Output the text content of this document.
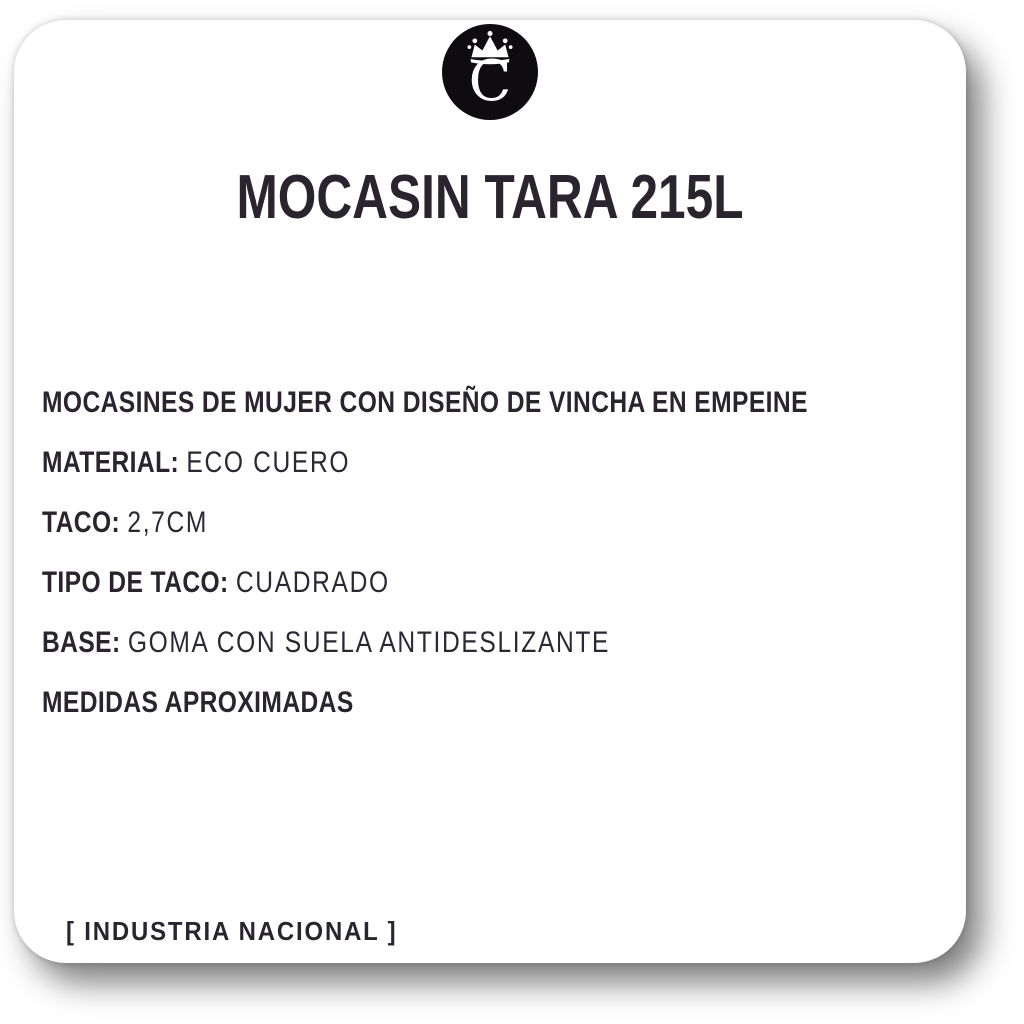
C
MOCASIN TARA 215L

MOCASINES DE MUJER CON DISEÑO DE VINCHA EN EMPEINE

MATERIAL: ECO CUERO

TACO: 2,7CM

TIPO DE TACO: CUADRADO

BASE: GOMA CON SUELA ANTIDESLIZANTE

MEDIDAS APROXIMADAS

[ INDUSTRIA NACIONAL ]
